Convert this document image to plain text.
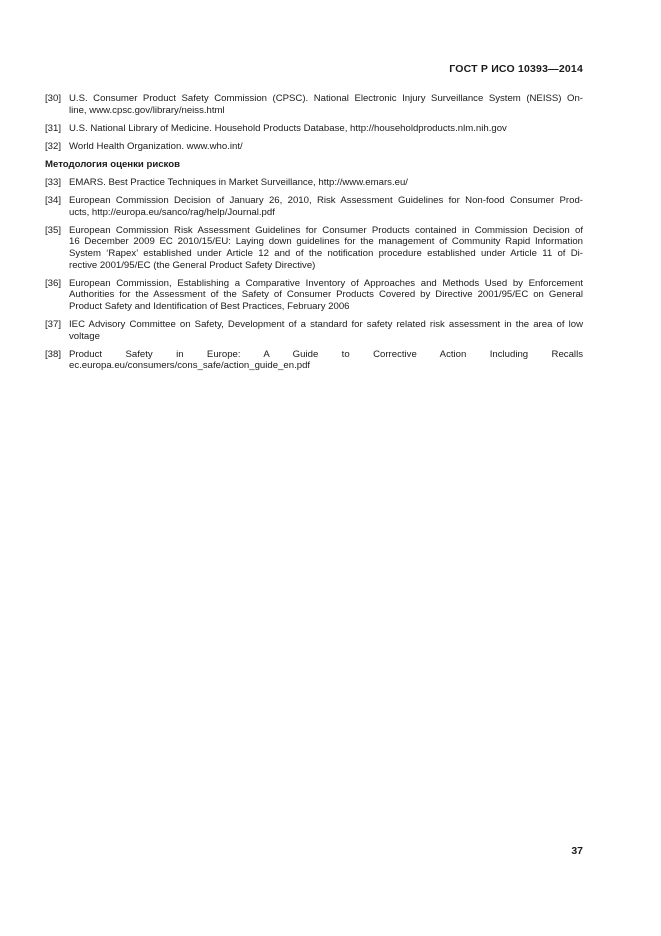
ГОСТ Р ИСО 10393—2014
[30] U.S. Consumer Product Safety Commission (CPSC). National Electronic Injury Surveillance System (NEISS) On-
line, www.cpsc.gov/library/neiss.html
[31] U.S. National Library of Medicine. Household Products Database, http://householdproducts.nlm.nih.gov
[32] World Health Organization. www.who.int/
Методология оценки рисков
[33] EMARS. Best Practice Techniques in Market Surveillance, http://www.emars.eu/
[34] European Commission Decision of January 26, 2010, Risk Assessment Guidelines for Non-food Consumer Prod-
ucts, http://europa.eu/sanco/rag/help/Journal.pdf
[35] European Commission Risk Assessment Guidelines for Consumer Products contained in Commission Decision of
16 December 2009 EC 2010/15/EU: Laying down guidelines for the management of Community Rapid Information
System ‘Rapex’ established under Article 12 and of the notification procedure established under Article 11 of Di-
rective 2001/95/EC (the General Product Safety Directive)
[36] European Commission, Establishing a Comparative Inventory of Approaches and Methods Used by Enforcement
Authorities for the Assessment of the Safety of Consumer Products Covered by Directive 2001/95/EC on General
Product Safety and Identification of Best Practices, February 2006
[37] IEC Advisory Committee on Safety, Development of a standard for safety related risk assessment in the area of low
voltage
[38] Product Safety in Europe: A Guide to Corrective Action Including Recalls
ec.europa.eu/consumers/cons_safe/action_guide_en.pdf
37
